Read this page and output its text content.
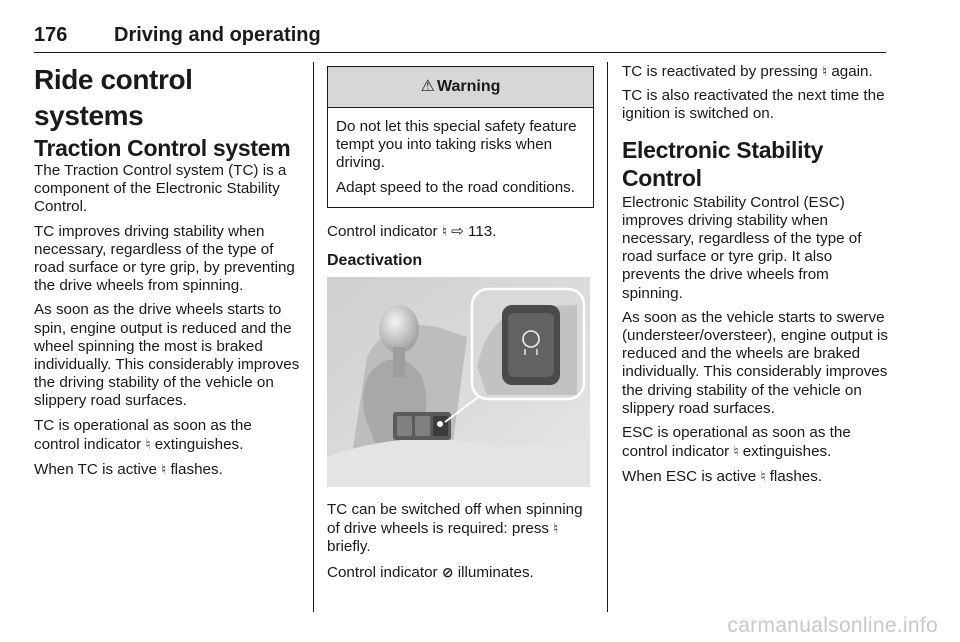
176 Driving and operating
Ride control systems
Traction Control system

The Traction Control system (TC) is a component of the Electronic Stability Control.

TC improves driving stability when necessary, regardless of the type of road surface or tyre grip, by preventing the drive wheels from spinning.

As soon as the drive wheels starts to spin, engine output is reduced and the wheel spinning the most is braked individually. This considerably improves the driving stability of the vehicle on slippery road surfaces.

TC is operational as soon as the control indicator ♮ extinguishes.

When TC is active ♮ flashes.

⚠ Warning

Do not let this special safety feature tempt you into taking risks when driving.

Adapt speed to the road conditions.

Control indicator ♮ ⇨ 113.

Deactivation

TC can be switched off when spinning of drive wheels is required: press ♮ briefly.

Control indicator ⊘ illuminates.

TC is reactivated by pressing ♮ again.

TC is also reactivated the next time the ignition is switched on.

Electronic Stability Control

Electronic Stability Control (ESC) improves driving stability when necessary, regardless of the type of road surface or tyre grip. It also prevents the drive wheels from spinning.

As soon as the vehicle starts to swerve (understeer/oversteer), engine output is reduced and the wheels are braked individually. This considerably improves the driving stability of the vehicle on slippery road surfaces.

ESC is operational as soon as the control indicator ♮ extinguishes.

When ESC is active ♮ flashes.

carmanualsonline.info
